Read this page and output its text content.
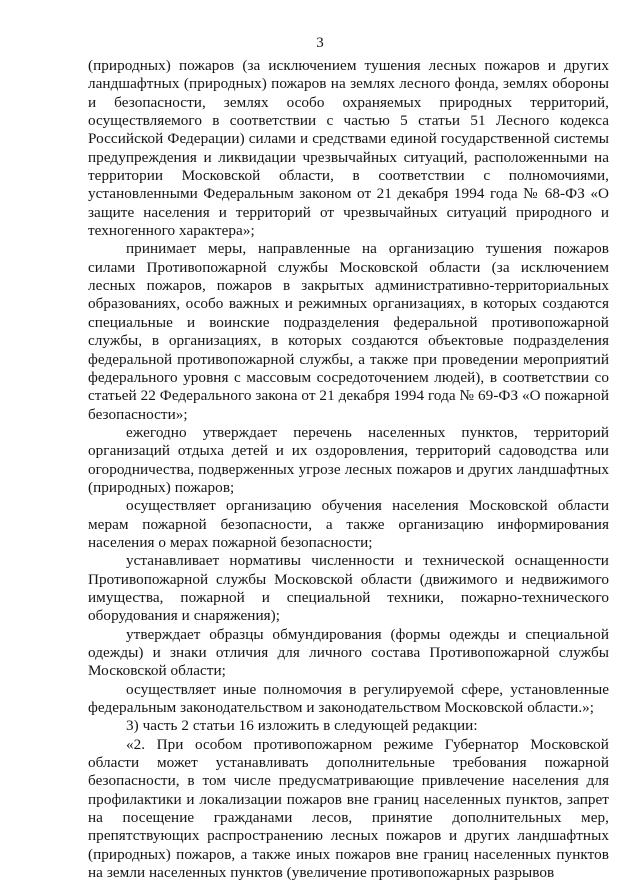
3

(природных) пожаров (за исключением тушения лесных пожаров и других ландшафтных (природных) пожаров на землях лесного фонда, землях обороны и безопасности, землях особо охраняемых природных территорий, осуществляемого в соответствии с частью 5 статьи 51 Лесного кодекса Российской Федерации) силами и средствами единой государственной системы предупреждения и ликвидации чрезвычайных ситуаций, расположенными на территории Московской области, в соответствии с полномочиями, установленными Федеральным законом от 21 декабря 1994 года № 68-ФЗ «О защите населения и территорий от чрезвычайных ситуаций природного и техногенного характера»;

принимает меры, направленные на организацию тушения пожаров силами Противопожарной службы Московской области (за исключением лесных пожаров, пожаров в закрытых административно-территориальных образованиях, особо важных и режимных организациях, в которых создаются специальные и воинские подразделения федеральной противопожарной службы, в организациях, в которых создаются объектовые подразделения федеральной противопожарной службы, а также при проведении мероприятий федерального уровня с массовым сосредоточением людей), в соответствии со статьей 22 Федерального закона от 21 декабря 1994 года № 69-ФЗ «О пожарной безопасности»;

ежегодно утверждает перечень населенных пунктов, территорий организаций отдыха детей и их оздоровления, территорий садоводства или огородничества, подверженных угрозе лесных пожаров и других ландшафтных (природных) пожаров;

осуществляет организацию обучения населения Московской области мерам пожарной безопасности, а также организацию информирования населения о мерах пожарной безопасности;

устанавливает нормативы численности и технической оснащенности Противопожарной службы Московской области (движимого и недвижимого имущества, пожарной и специальной техники, пожарно-технического оборудования и снаряжения);

утверждает образцы обмундирования (формы одежды и специальной одежды) и знаки отличия для личного состава Противопожарной службы Московской области;

осуществляет иные полномочия в регулируемой сфере, установленные федеральным законодательством и законодательством Московской области.»;

3) часть 2 статьи 16 изложить в следующей редакции:

«2. При особом противопожарном режиме Губернатор Московской области может устанавливать дополнительные требования пожарной безопасности, в том числе предусматривающие привлечение населения для профилактики и локализации пожаров вне границ населенных пунктов, запрет на посещение гражданами лесов, принятие дополнительных мер, препятствующих распространению лесных пожаров и других ландшафтных (природных) пожаров, а также иных пожаров вне границ населенных пунктов на земли населенных пунктов (увеличение противопожарных разрывов
